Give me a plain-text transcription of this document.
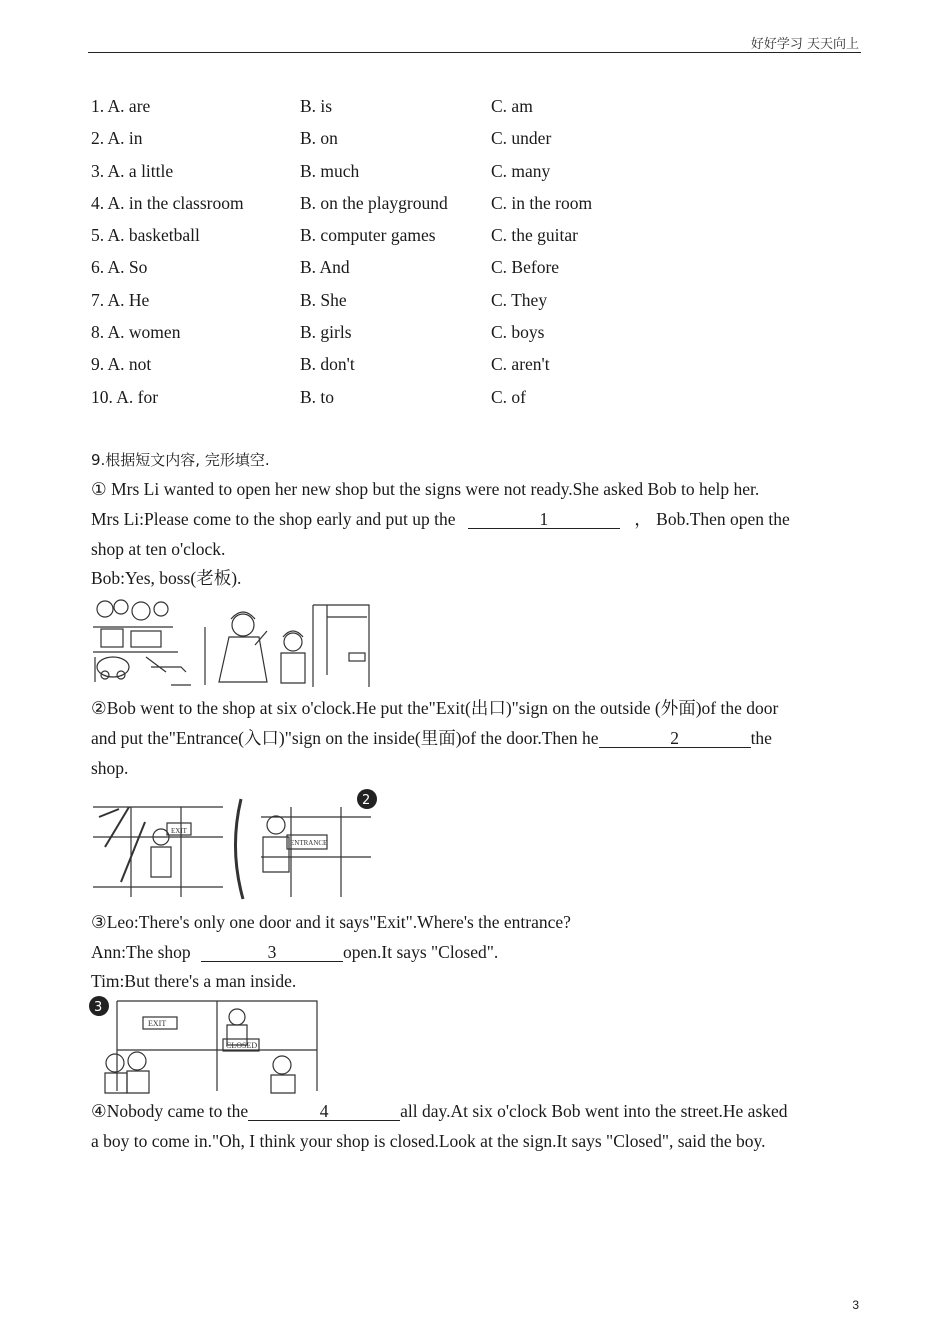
好好学习 天天向上
1. A. are	B. is	C. am
2. A. in	B. on	C. under
3. A. a little	B. much	C. many
4. A. in the classroom	B. on the playground C. in the room
5. A. basketball	B. computer games	C. the guitar
6. A. So	B. And	C. Before
7. A. He	B. She	C. They
8. A. women	B. girls	C. boys
9. A. not	B. don't	C. aren't
10. A. for	B. to	C. of
9.根据短文内容, 完形填空.
① Mrs Li wanted to open her new shop but the signs were not ready.She asked Bob to help her.
Mrs Li:Please come to the shop early and put up the	1	， Bob.Then open the
shop at ten o'clock.
Bob:Yes, boss(老板).
②Bob went to the shop at six o'clock.He put the"Exit(出口)"sign on the outside (外面)of the door
and put the"Entrance(入口)"sign on the inside(里面)of the door.Then he	2	the
shop.
EXIT
ENTRANCE
2
③Leo:There's only one door and it says"Exit".Where's the entrance?
Ann:The shop	3	open.It says "Closed".
Tim:But there's a man inside.
3
EXIT
CLOSED
④Nobody came to the	4	all day.At six o'clock Bob went into the street.He asked
a boy to come in."Oh, I think your shop is closed.Look at the sign.It says "Closed", said the boy.
3
